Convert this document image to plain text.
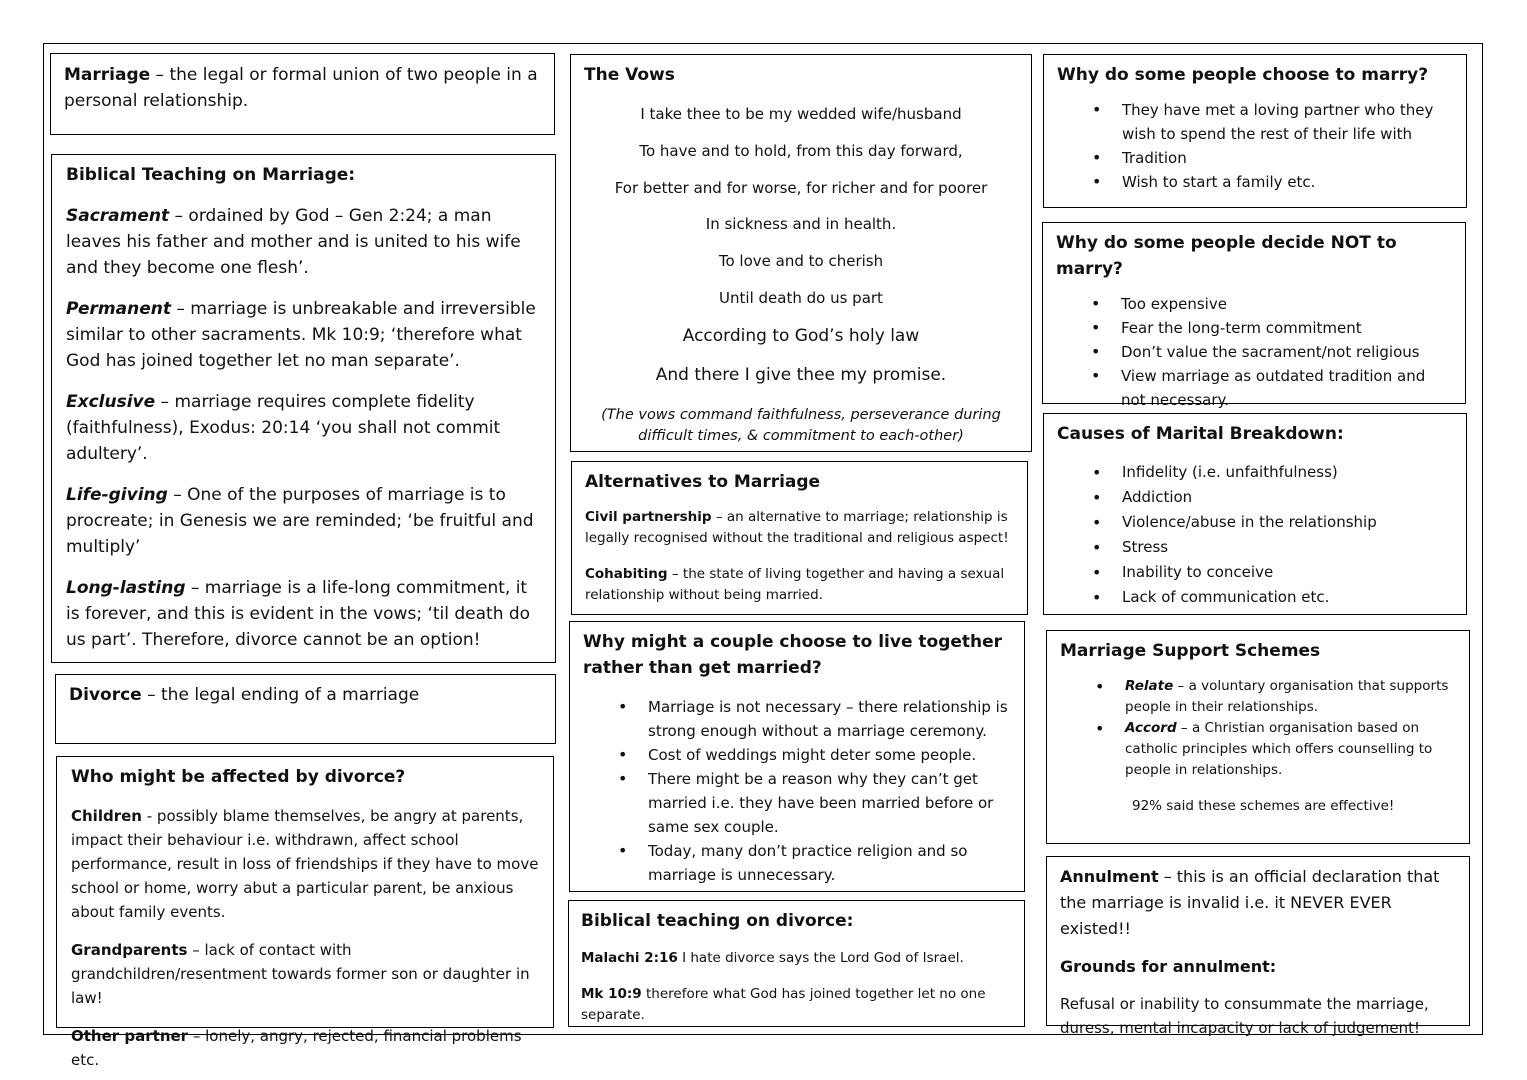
Marriage – the legal or formal union of two people in a personal relationship.

Biblical Teaching on Marriage:

Sacrament – ordained by God – Gen 2:24; a man leaves his father and mother and is united to his wife and they become one flesh’.

Permanent – marriage is unbreakable and irreversible similar to other sacraments. Mk 10:9; ‘therefore what God has joined together let no man separate’.

Exclusive – marriage requires complete fidelity (faithfulness), Exodus: 20:14 ‘you shall not commit adultery’.

Life-giving – One of the purposes of marriage is to procreate; in Genesis we are reminded; ‘be fruitful and multiply’

Long-lasting – marriage is a life-long commitment, it is forever, and this is evident in the vows; ‘til death do us part’. Therefore, divorce cannot be an option!

Divorce – the legal ending of a marriage

Who might be affected by divorce?

Children - possibly blame themselves, be angry at parents, impact their behaviour i.e. withdrawn, affect school performance, result in loss of friendships if they have to move school or home, worry abut a particular parent, be anxious about family events.

Grandparents – lack of contact with grandchildren/resentment towards former son or daughter in law!

Other partner – lonely, angry, rejected, financial problems etc.

The Vows

I take thee to be my wedded wife/husband

To have and to hold, from this day forward,

For better and for worse, for richer and for poorer

In sickness and in health.

To love and to cherish

Until death do us part

According to God’s holy law

And there I give thee my promise.

(The vows command faithfulness, perseverance during difficult times, & commitment to each-other)

Alternatives to Marriage

Civil partnership – an alternative to marriage; relationship is legally recognised without the traditional and religious aspect!

Cohabiting – the state of living together and having a sexual relationship without being married.

Why might a couple choose to live together rather than get married?

• Marriage is not necessary – there relationship is strong enough without a marriage ceremony.
• Cost of weddings might deter some people.
• There might be a reason why they can’t get married i.e. they have been married before or same sex couple.
• Today, many don’t practice religion and so marriage is unnecessary.

Biblical teaching on divorce:

Malachi 2:16 I hate divorce says the Lord God of Israel.

Mk 10:9 therefore what God has joined together let no one separate.

Why do some people choose to marry?

• They have met a loving partner who they wish to spend the rest of their life with
• Tradition
• Wish to start a family etc.

Why do some people decide NOT to marry?

• Too expensive
• Fear the long-term commitment
• Don’t value the sacrament/not religious
• View marriage as outdated tradition and not necessary.

Causes of Marital Breakdown:

• Infidelity (i.e. unfaithfulness)
• Addiction
• Violence/abuse in the relationship
• Stress
• Inability to conceive
• Lack of communication etc.

Marriage Support Schemes

• Relate – a voluntary organisation that supports people in their relationships.
• Accord – a Christian organisation based on catholic principles which offers counselling to people in relationships.

92% said these schemes are effective!

Annulment – this is an official declaration that the marriage is invalid i.e. it NEVER EVER existed!!

Grounds for annulment:

Refusal or inability to consummate the marriage, duress, mental incapacity or lack of judgement!
